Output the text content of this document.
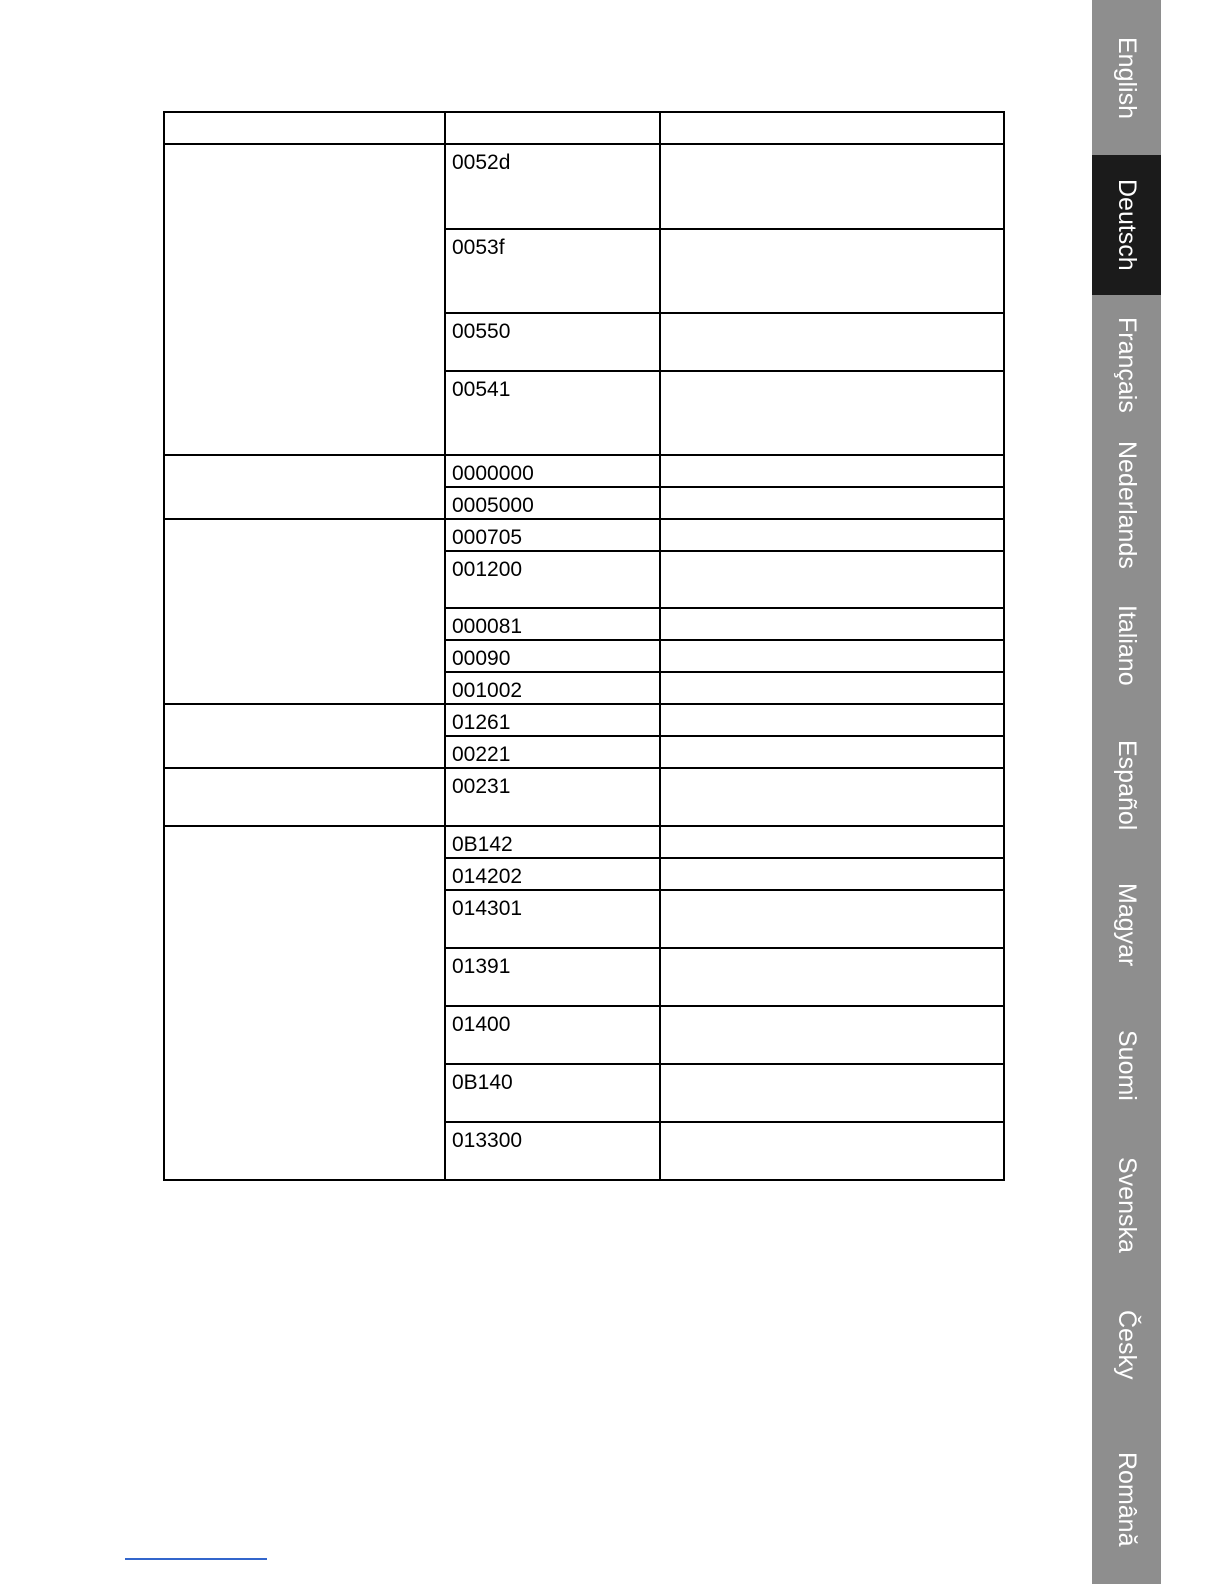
	0052d	
	0053f	
	00550	
	00541	
	0000000	
	0005000	
	000705	
	001200	
	000081	
	00090	
	001002	
	01261	
	00221	
	00231	
	0B142	
	014202	
	014301	
	01391	
	01400	
	0B140	
	013300	
English
Deutsch
Français
Nederlands
Italiano
Español
Magyar
Suomi
Svenska
Česky
Română
